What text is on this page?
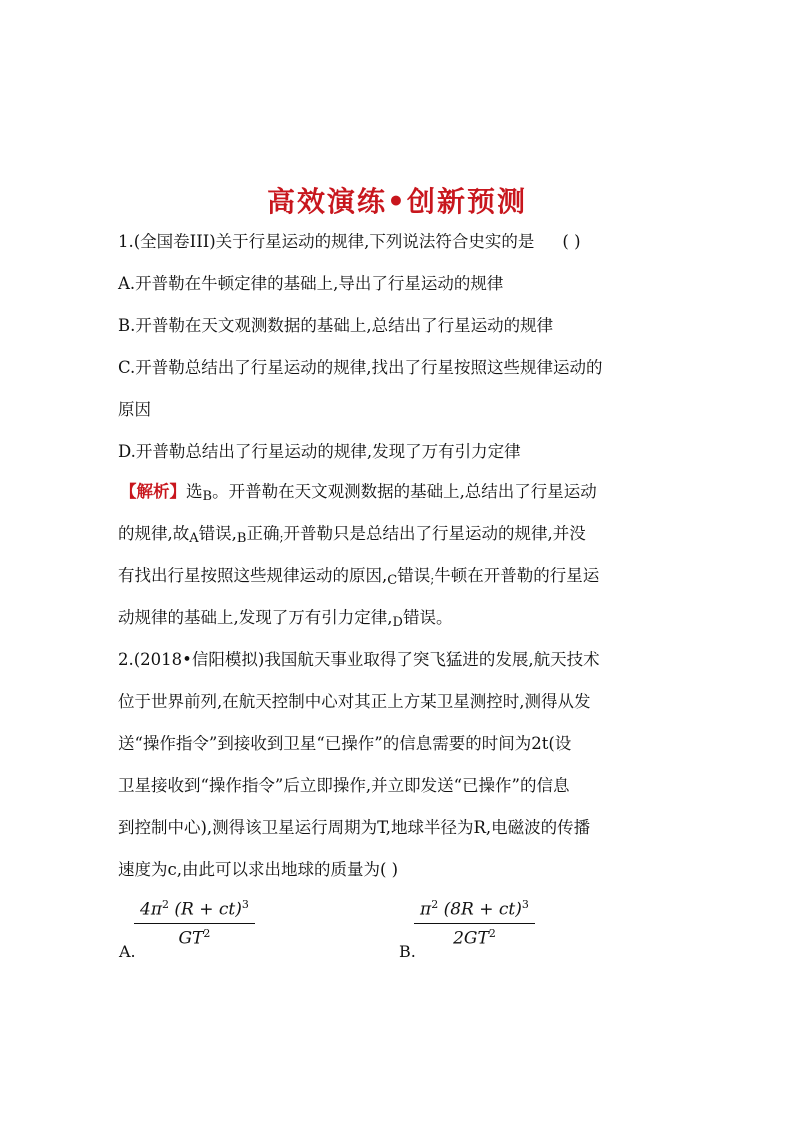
高效演练•创新预测
1.(全国卷III)关于行星运动的规律,下列说法符合史实的是 ( )
A.开普勒在牛顿定律的基础上,导出了行星运动的规律
B.开普勒在天文观测数据的基础上,总结出了行星运动的规律
C.开普勒总结出了行星运动的规律,找出了行星按照这些规律运动的
原因
D.开普勒总结出了行星运动的规律,发现了万有引力定律
【解析】选B。开普勒在天文观测数据的基础上,总结出了行星运动
的规律,故A错误,B正确;开普勒只是总结出了行星运动的规律,并没
有找出行星按照这些规律运动的原因,C错误;牛顿在开普勒的行星运
动规律的基础上,发现了万有引力定律,D错误。
2.(2018•信阳模拟)我国航天事业取得了突飞猛进的发展,航天技术
位于世界前列,在航天控制中心对其正上方某卫星测控时,测得从发
送“操作指令”到接收到卫星“已操作”的信息需要的时间为2t(设
卫星接收到“操作指令”后立即操作,并立即发送“已操作”的信息
到控制中心),测得该卫星运行周期为T,地球半径为R,电磁波的传播
速度为c,由此可以求出地球的质量为( )
A.
$\frac{4\pi^2 (R + ct)^3}{GT^2}$
B.
$\frac{\pi^2 (8R + ct)^3}{2GT^2}$
